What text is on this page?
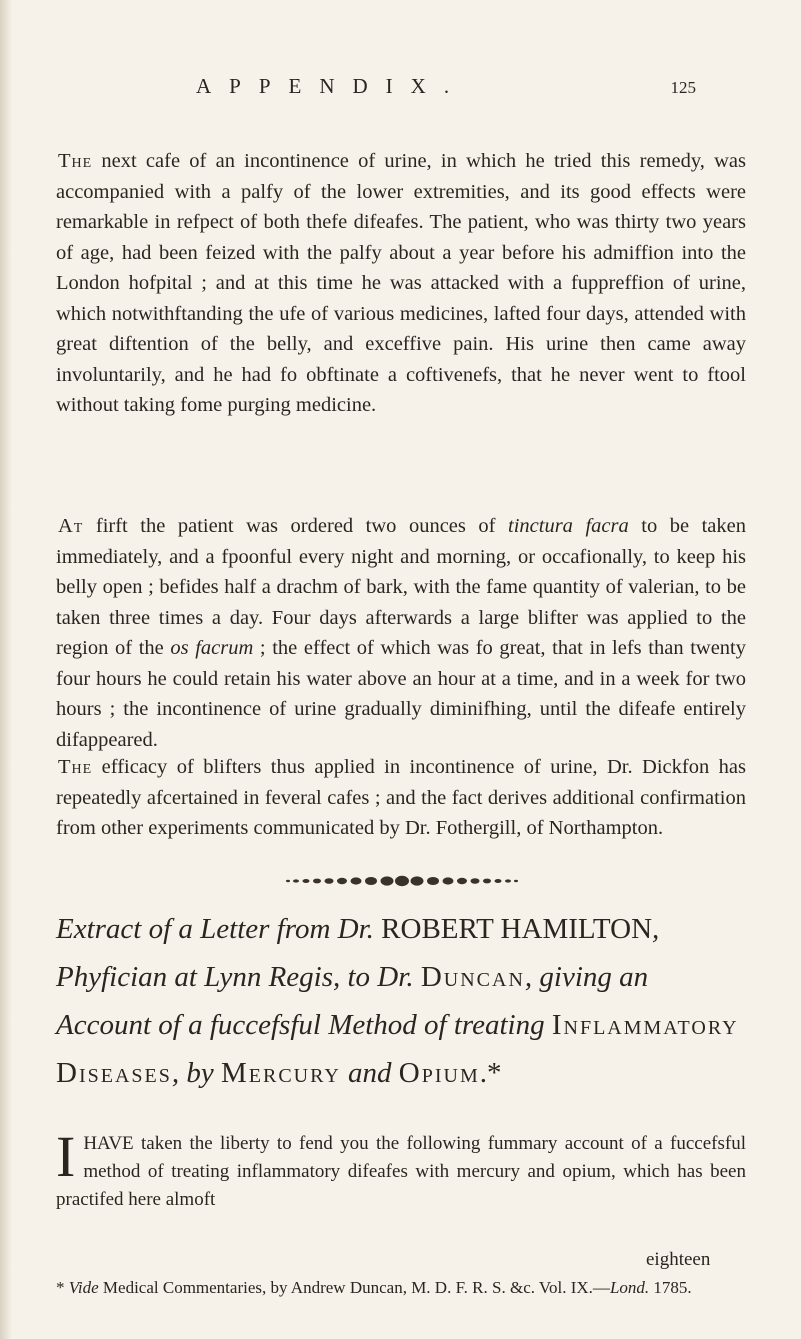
APPENDIX.	125

The next cafe of an incontinence of urine, in which he tried this remedy, was accompanied with a palfy of the lower extremities, and its good effects were remarkable in refpect of both thefe difeafes. The patient, who was thirty two years of age, had been feized with the palfy about a year before his admiffion into the London hofpital ; and at this time he was attacked with a fuppreffion of urine, which notwithftanding the ufe of various medicines, lafted four days, attended with great diftention of the belly, and exceffive pain. His urine then came away involuntarily, and he had fo obftinate a coftivenefs, that he never went to ftool without taking fome purging medicine.

At firft the patient was ordered two ounces of tinctura facra to be taken immediately, and a fpoonful every night and morning, or occafionally, to keep his belly open ; befides half a drachm of bark, with the fame quantity of valerian, to be taken three times a day. Four days afterwards a large blifter was applied to the region of the os facrum ; the effect of which was fo great, that in lefs than twenty four hours he could retain his water above an hour at a time, and in a week for two hours ; the incontinence of urine gradually diminifhing, until the difeafe entirely difappeared.

The efficacy of blifters thus applied in incontinence of urine, Dr. Dickfon has repeatedly afcertained in feveral cafes ; and the fact derives additional confirmation from other experiments communicated by Dr. Fothergill, of Northampton.

Extract of a Letter from Dr. ROBERT HAMILTON, Phyfician at Lynn Regis, to Dr. Duncan, giving an Account of a fuccefsful Method of treating Inflammatory Diseases, by Mercury and Opium.*
I HAVE taken the liberty to fend you the following fummary account of a fuccefsful method of treating inflammatory difeafes with mercury and opium, which has been practifed here almoft
eighteen
* Vide Medical Commentaries, by Andrew Duncan, M. D. F. R. S. &c. Vol. IX.—Lond. 1785.
